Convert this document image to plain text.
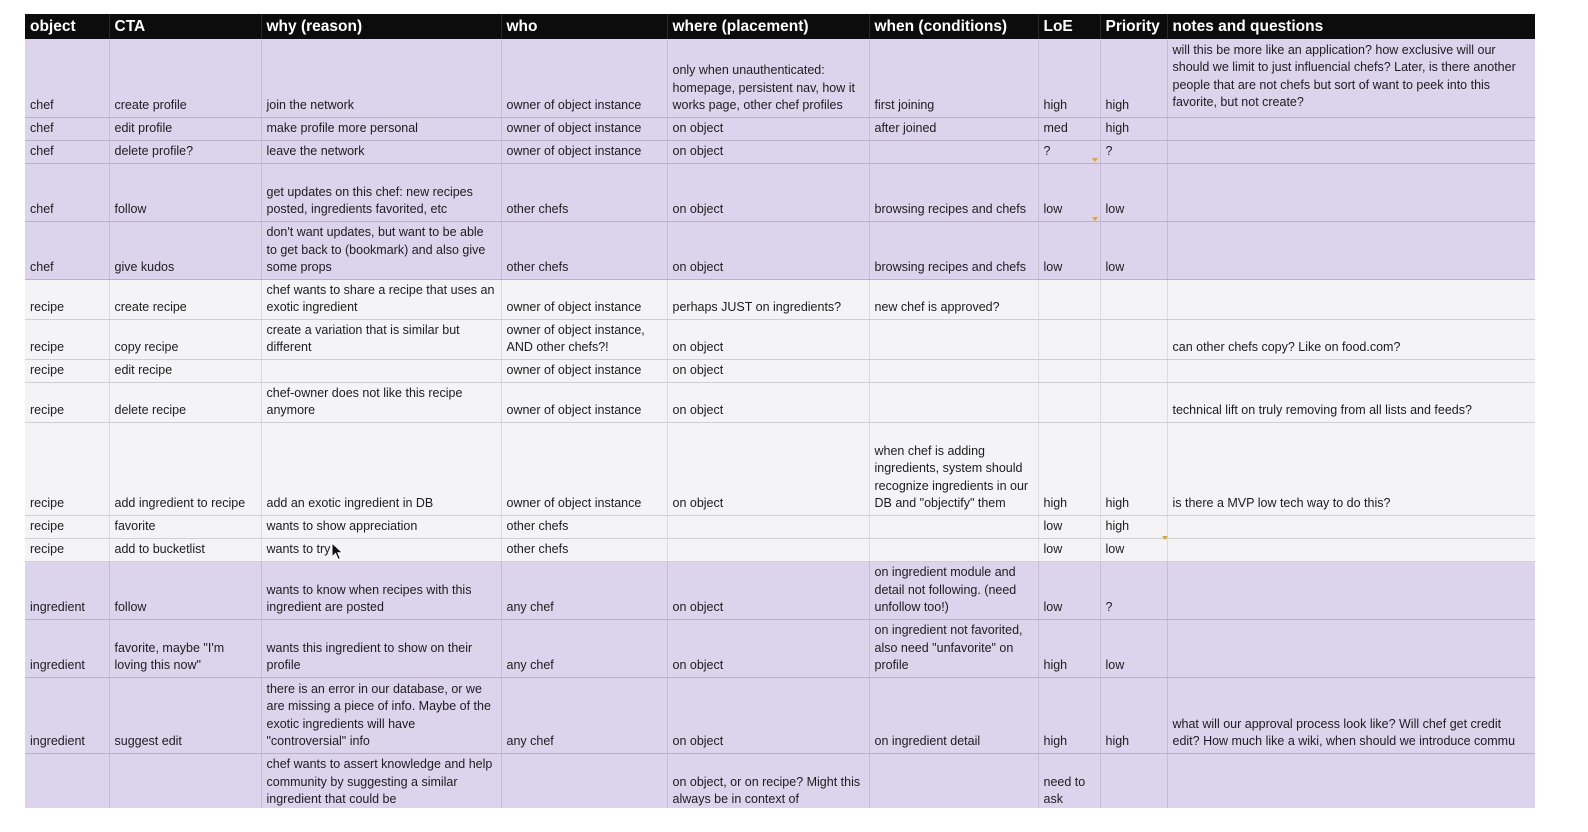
object	CTA	why (reason)	who	where (placement)	when (conditions)	LoE	Priority	notes and questions
chef	create profile	join the network	owner of object instance	only when unauthenticated: homepage, persistent nav, how it works page, other chef profiles	first joining	high	high	will this be more like an application? how exclusive will our
should we limit to just influencial chefs? Later, is there another
people that are not chefs but sort of want to peek into this
favorite, but not create?
chef	edit profile	make profile more personal	owner of object instance	on object	after joined	med	high	
chef	delete profile?	leave the network	owner of object instance	on object		?	?	
chef	follow	get updates on this chef: new recipes posted, ingredients favorited, etc	other chefs	on object	browsing recipes and chefs	low	low	
chef	give kudos	don't want updates, but want to be able to get back to (bookmark) and also give some props	other chefs	on object	browsing recipes and chefs	low	low	
recipe	create recipe	chef wants to share a recipe that uses an exotic ingredient	owner of object instance	perhaps JUST on ingredients?	new chef is approved?			
recipe	copy recipe	create a variation that is similar but different	owner of object instance, AND other chefs?!	on object				can other chefs copy? Like on food.com?
recipe	edit recipe		owner of object instance	on object				
recipe	delete recipe	chef-owner does not like this recipe anymore	owner of object instance	on object				technical lift on truly removing from all lists and feeds?
recipe	add ingredient to recipe	add an exotic ingredient in DB	owner of object instance	on object	when chef is adding ingredients, system should recognize ingredients in our DB and "objectify" them	high	high	is there a MVP low tech way to do this?
recipe	favorite	wants to show appreciation	other chefs			low	high	
recipe	add to bucketlist	wants to try	other chefs			low	low	
ingredient	follow	wants to know when recipes with this ingredient are posted	any chef	on object	on ingredient module and detail not following. (need unfollow too!)	low	?	
ingredient	favorite, maybe "I'm loving this now"	wants this ingredient to show on their profile	any chef	on object	on ingredient not favorited, also need "unfavorite" on profile	high	low	
ingredient	suggest edit	there is an error in our database, or we are missing a piece of info. Maybe of the exotic ingredients will have "controversial" info	any chef	on object	on ingredient detail	high	high	what will our approval process look like? Will chef get credit
edit? How much like a wiki, when should we introduce commu
		chef wants to assert knowledge and help community by suggesting a similar ingredient that could be		on object, or on recipe? Might this always be in context of		need to ask		
